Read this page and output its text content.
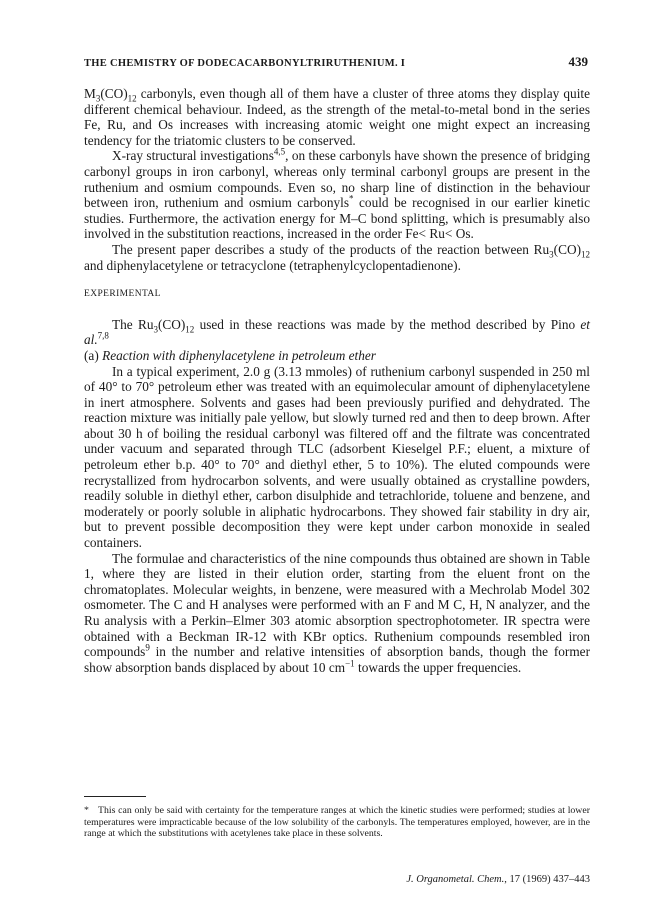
THE CHEMISTRY OF DODECACARBONYLTRIRUTHENIUM. I	439

$M_3(CO)_{12}$ carbonyls, even though all of them have a cluster of three atoms they display quite different chemical behaviour. Indeed, as the strength of the metal-to-metal bond in the series Fe, Ru, and Os increases with increasing atomic weight one might expect an increasing tendency for the triatomic clusters to be conserved.

X-ray structural investigations$^{4,5}$, on these carbonyls have shown the presence of bridging carbonyl groups in iron carbonyl, whereas only terminal carbonyl groups are present in the ruthenium and osmium compounds. Even so, no sharp line of distinction in the behaviour between iron, ruthenium and osmium carbonyls* could be recognised in our earlier kinetic studies. Furthermore, the activation energy for M–C bond splitting, which is presumably also involved in the substitution reactions, increased in the order Fe< Ru< Os.

The present paper describes a study of the products of the reaction between $Ru_3(CO)_{12}$ and diphenylacetylene or tetracyclone (tetraphenylcyclopentadienone).

EXPERIMENTAL

The $Ru_3(CO)_{12}$ used in these reactions was made by the method described by Pino et al.$^{7,8}$

(a) Reaction with diphenylacetylene in petroleum ether

In a typical experiment, 2.0 g (3.13 mmoles) of ruthenium carbonyl suspended in 250 ml of 40° to 70° petroleum ether was treated with an equimolecular amount of diphenylacetylene in inert atmosphere. Solvents and gases had been previously purified and dehydrated. The reaction mixture was initially pale yellow, but slowly turned red and then to deep brown. After about 30 h of boiling the residual carbonyl was filtered off and the filtrate was concentrated under vacuum and separated through TLC (adsorbent Kieselgel P.F.; eluent, a mixture of petroleum ether b.p. 40° to 70° and diethyl ether, 5 to 10%). The eluted compounds were recrystallized from hydrocarbon solvents, and were usually obtained as crystalline powders, readily soluble in diethyl ether, carbon disulphide and tetrachloride, toluene and benzene, and moderately or poorly soluble in aliphatic hydrocarbons. They showed fair stability in dry air, but to prevent possible decomposition they were kept under carbon monoxide in sealed containers.

The formulae and characteristics of the nine compounds thus obtained are shown in Table 1, where they are listed in their elution order, starting from the eluent front on the chromatoplates. Molecular weights, in benzene, were measured with a Mechrolab Model 302 osmometer. The C and H analyses were performed with an F and M C, H, N analyzer, and the Ru analysis with a Perkin–Elmer 303 atomic absorption spectrophotometer. IR spectra were obtained with a Beckman IR-12 with KBr optics. Ruthenium compounds resembled iron compounds$^9$ in the number and relative intensities of absorption bands, though the former show absorption bands displaced by about 10 $cm^{-1}$ towards the upper frequencies.

* This can only be said with certainty for the temperature ranges at which the kinetic studies were performed; studies at lower temperatures were impracticable because of the low solubility of the carbonyls. The temperatures employed, however, are in the range at which the substitutions with acetylenes take place in these solvents.
J. Organometal. Chem., 17 (1969) 437–443
